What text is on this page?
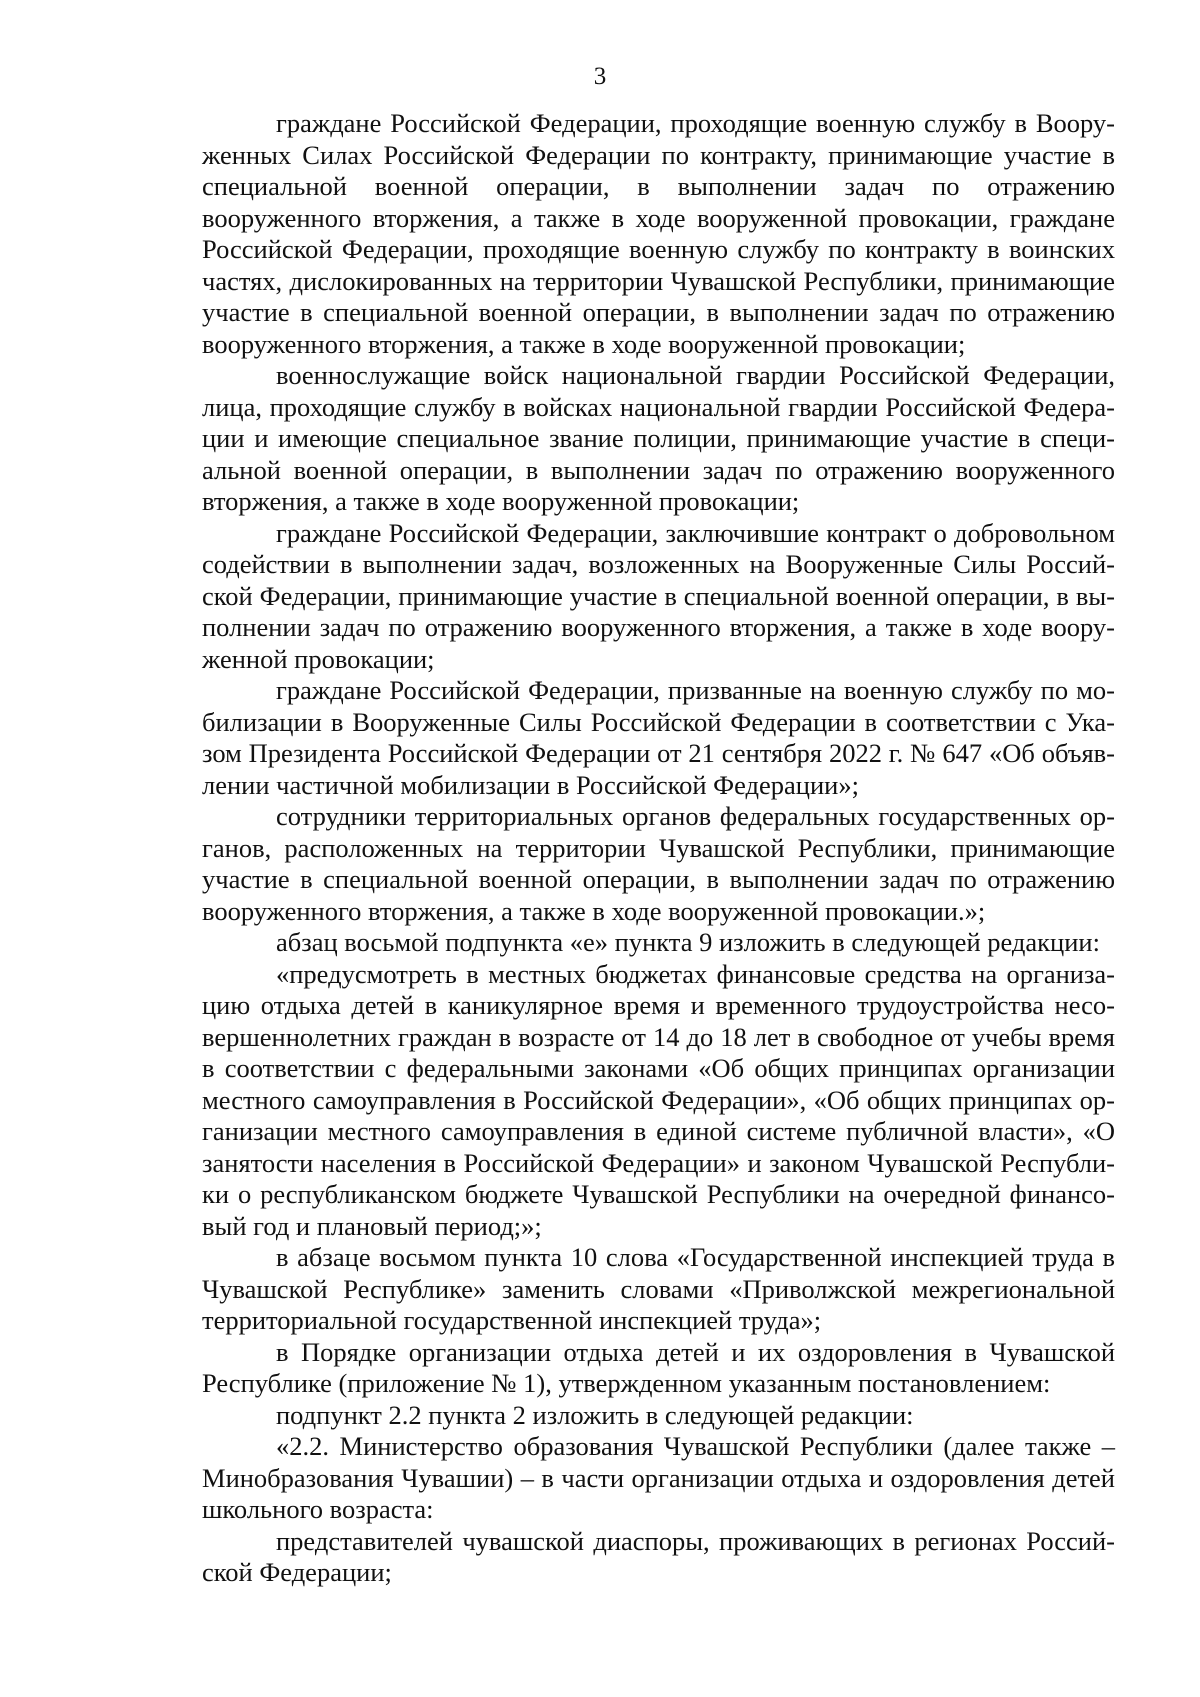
3

граждане Российской Федерации, проходящие военную службу в Вооруженных Силах Российской Федерации по контракту, принимающие участие в специальной военной операции, в выполнении задач по отражению вооруженного вторжения, а также в ходе вооруженной провокации, граждане Российской Федерации, проходящие военную службу по контракту в воинских частях, дислокированных на территории Чувашской Республики, принимающие участие в специальной военной операции, в выполнении задач по отражению вооруженного вторжения, а также в ходе вооруженной провокации;

военнослужащие войск национальной гвардии Российской Федерации, лица, проходящие службу в войсках национальной гвардии Российской Федерации и имеющие специальное звание полиции, принимающие участие в специальной военной операции, в выполнении задач по отражению вооруженного вторжения, а также в ходе вооруженной провокации;

граждане Российской Федерации, заключившие контракт о добровольном содействии в выполнении задач, возложенных на Вооруженные Силы Российской Федерации, принимающие участие в специальной военной операции, в выполнении задач по отражению вооруженного вторжения, а также в ходе вооруженной провокации;

граждане Российской Федерации, призванные на военную службу по мобилизации в Вооруженные Силы Российской Федерации в соответствии с Указом Президента Российской Федерации от 21 сентября 2022 г. № 647 «Об объявлении частичной мобилизации в Российской Федерации»;

сотрудники территориальных органов федеральных государственных органов, расположенных на территории Чувашской Республики, принимающие участие в специальной военной операции, в выполнении задач по отражению вооруженного вторжения, а также в ходе вооруженной провокации.»;

абзац восьмой подпункта «е» пункта 9 изложить в следующей редакции:

«предусмотреть в местных бюджетах финансовые средства на организацию отдыха детей в каникулярное время и временного трудоустройства несовершеннолетних граждан в возрасте от 14 до 18 лет в свободное от учебы время в соответствии с федеральными законами «Об общих принципах организации местного самоуправления в Российской Федерации», «Об общих принципах организации местного самоуправления в единой системе публичной власти», «О занятости населения в Российской Федерации» и законом Чувашской Республики о республиканском бюджете Чувашской Республики на очередной финансовый год и плановый период;»;

в абзаце восьмом пункта 10 слова «Государственной инспекцией труда в Чувашской Республике» заменить словами «Приволжской межрегиональной территориальной государственной инспекцией труда»;

в Порядке организации отдыха детей и их оздоровления в Чувашской Республике (приложение № 1), утвержденном указанным постановлением:

подпункт 2.2 пункта 2 изложить в следующей редакции:

«2.2. Министерство образования Чувашской Республики (далее также – Минобразования Чувашии) – в части организации отдыха и оздоровления детей школьного возраста:

представителей чувашской диаспоры, проживающих в регионах Российской Федерации;
